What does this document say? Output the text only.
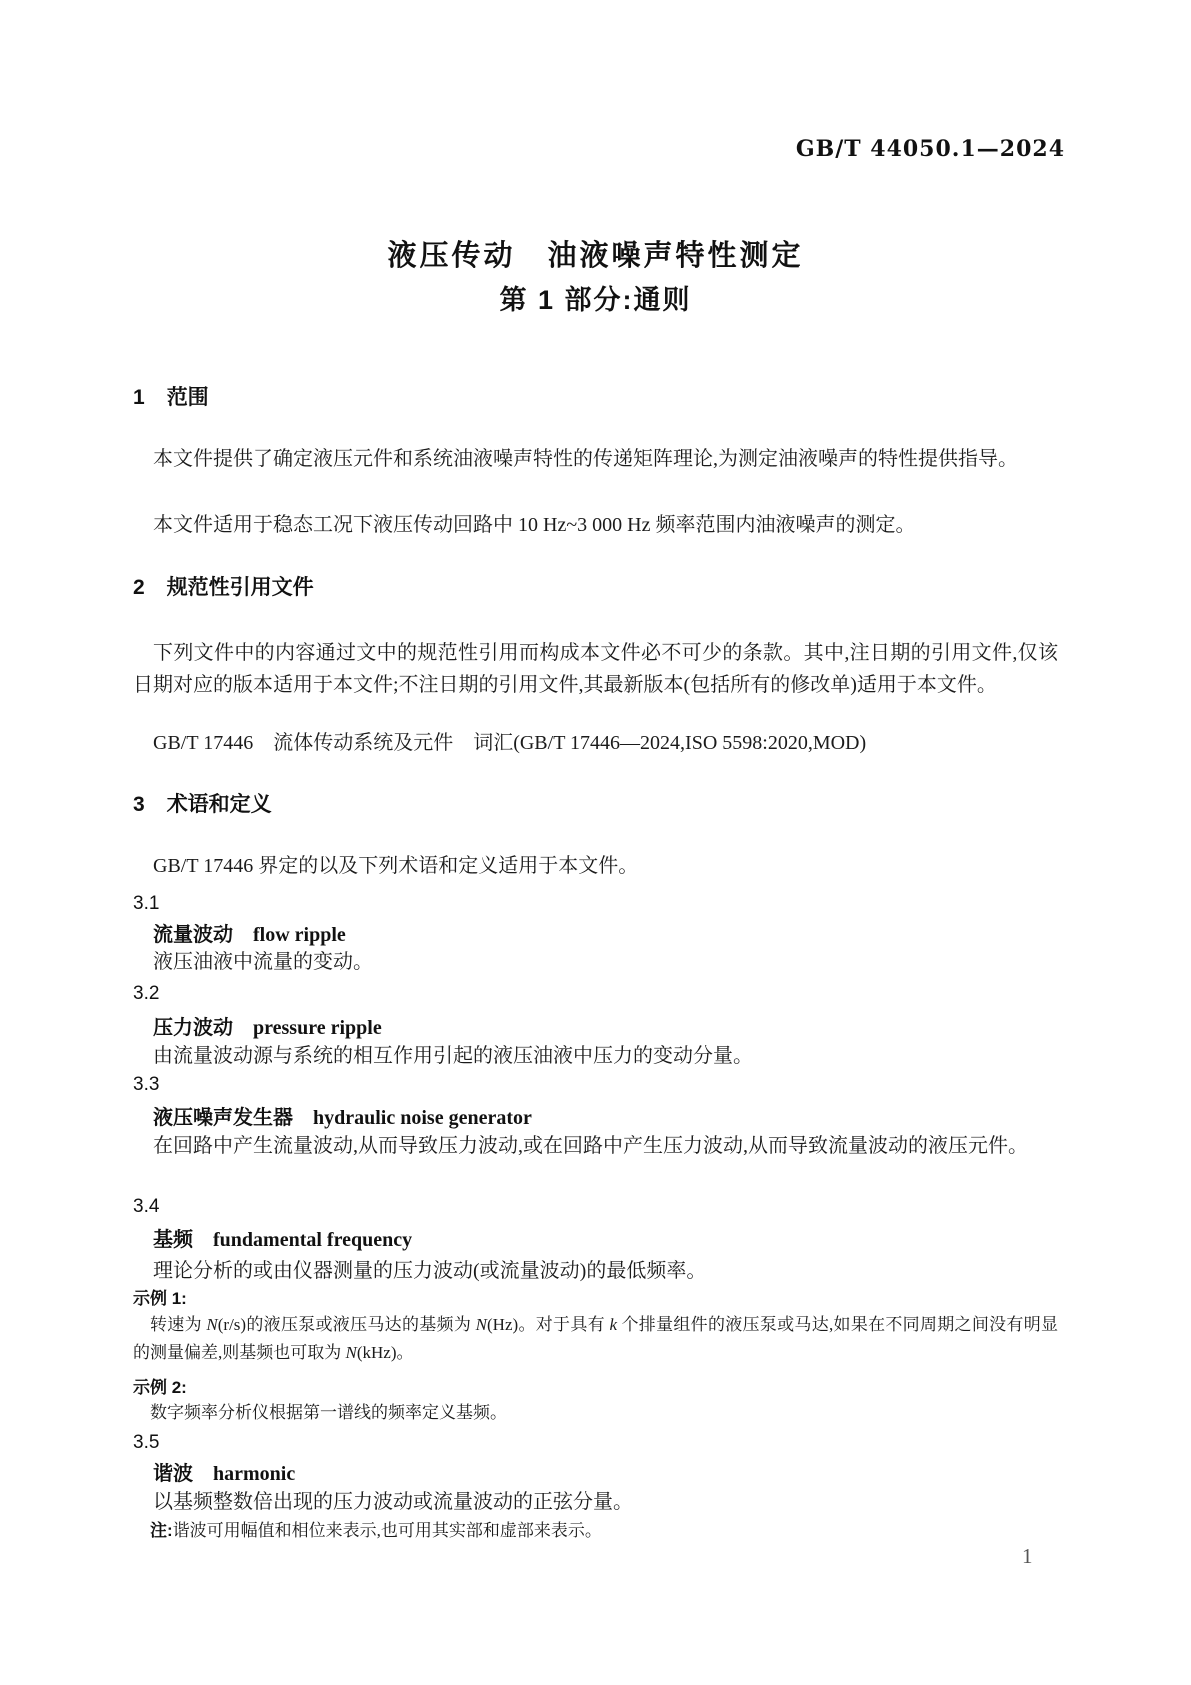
GB/T 44050.1—2024
液压传动　油液噪声特性测定
第 1 部分:通则
1 范围

本文件提供了确定液压元件和系统油液噪声特性的传递矩阵理论,为测定油液噪声的特性提供指导。

本文件适用于稳态工况下液压传动回路中 10 Hz~3 000 Hz 频率范围内油液噪声的测定。

2 规范性引用文件

下列文件中的内容通过文中的规范性引用而构成本文件必不可少的条款。其中,注日期的引用文件,仅该日期对应的版本适用于本文件;不注日期的引用文件,其最新版本(包括所有的修改单)适用于本文件。

GB/T 17446　流体传动系统及元件　词汇(GB/T 17446—2024,ISO 5598:2020,MOD)

3 术语和定义

GB/T 17446 界定的以及下列术语和定义适用于本文件。

3.1

流量波动 flow ripple

液压油液中流量的变动。

3.2

压力波动 pressure ripple

由流量波动源与系统的相互作用引起的液压油液中压力的变动分量。

3.3

液压噪声发生器 hydraulic noise generator

在回路中产生流量波动,从而导致压力波动,或在回路中产生压力波动,从而导致流量波动的液压元件。

3.4

基频 fundamental frequency

理论分析的或由仪器测量的压力波动(或流量波动)的最低频率。

示例 1:

转速为 N(r/s)的液压泵或液压马达的基频为 N(Hz)。对于具有 k 个排量组件的液压泵或马达,如果在不同周期之间没有明显的测量偏差,则基频也可取为 N(kHz)。

示例 2:

数字频率分析仪根据第一谱线的频率定义基频。

3.5

谐波 harmonic

以基频整数倍出现的压力波动或流量波动的正弦分量。

注:谐波可用幅值和相位来表示,也可用其实部和虚部来表示。

1
